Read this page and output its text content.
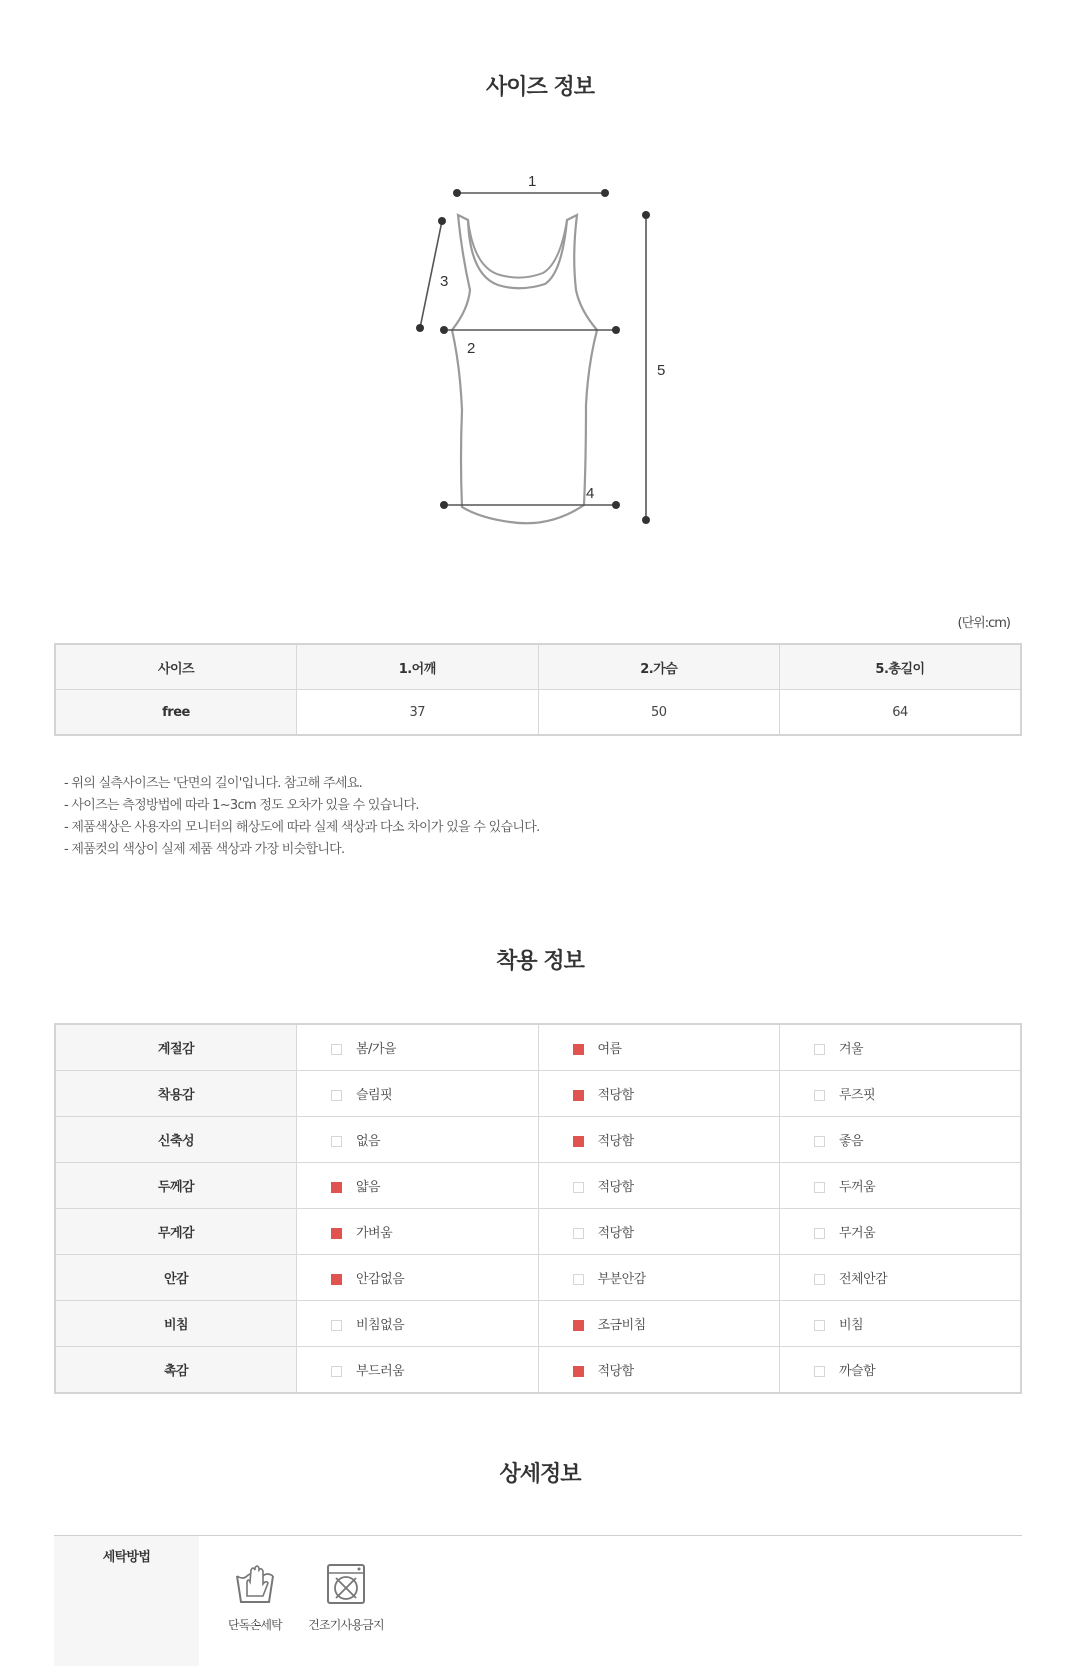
사이즈 정보
1
2
3
4
5
(단위:cm)
사이즈	1.어깨	2.가슴	5.총길이
free	37	50	64
- 위의 실측사이즈는 '단면의 길이'입니다. 참고해 주세요.
- 사이즈는 측정방법에 따라 1~3cm 정도 오차가 있을 수 있습니다.
- 제품색상은 사용자의 모니터의 해상도에 따라 실제 색상과 다소 차이가 있을 수 있습니다.
- 제품컷의 색상이 실제 제품 색상과 가장 비슷합니다.
착용 정보
계절감	봄/가을	여름	겨울
착용감	슬림핏	적당함	루즈핏
신축성	없음	적당함	좋음
두께감	얇음	적당함	두꺼움
무게감	가벼움	적당함	무거움
안감	안감없음	부분안감	전체안감
비침	비침없음	조금비침	비침
촉감	부드러움	적당함	까슬함
상세정보
세탁방법
단독손세탁	건조기사용금지
